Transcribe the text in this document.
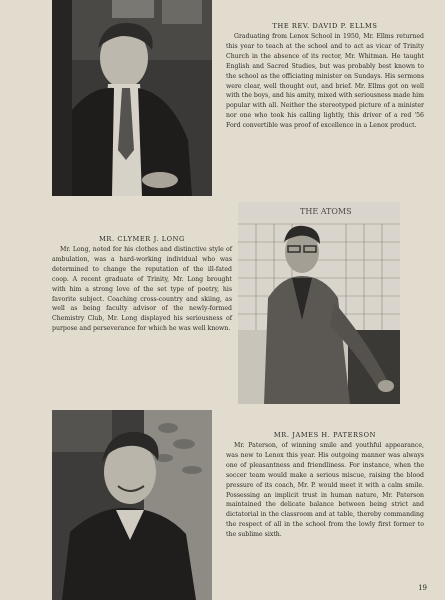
THE REV. DAVID P. ELLMS

Graduating from Lenox School in 1950, Mr. Ellms returned this year to teach at the school and to act as vicar of Trinity Church in the absence of its rector, Mr. Whitman. He taught English and Sacred Studies, but was probably best known to the school as the officiating minister on Sundays. His sermons were clear, well thought out, and brief. Mr. Ellms got on well with the boys, and his amity, mixed with seriousness made him popular with all. Neither the stereotyped picture of a minister nor one who took his calling lightly, this driver of a red '56 Ford convertible was proof of excellence in a Lenox product.

THE ATOMS
MR. CLYMER J. LONG

Mr. Long, noted for his clothes and distinctive style of ambulation, was a hard-working individual who was determined to change the reputation of the ill-fated coop. A recent graduate of Trinity, Mr. Long brought with him a strong love of the set type of poetry, his favorite subject. Coaching cross-country and skiing, as well as being faculty advisor of the newly-formed Chemistry Club, Mr. Long displayed his seriousness of purpose and perseverance for which he was well known.

MR. JAMES H. PATERSON

Mr. Paterson, of winning smile and youthful appearance, was new to Lenox this year. His outgoing manner was always one of pleasantness and friendliness. For instance, when the soccer team would make a serious miscue, raising the blood pressure of its coach, Mr. P. would meet it with a calm smile. Possessing an implicit trust in human nature, Mr. Paterson maintained the delicate balance between being strict and dictatorial in the classroom and at table, thereby commanding the respect of all in the school from the lowly first former to the sublime sixth.

19
